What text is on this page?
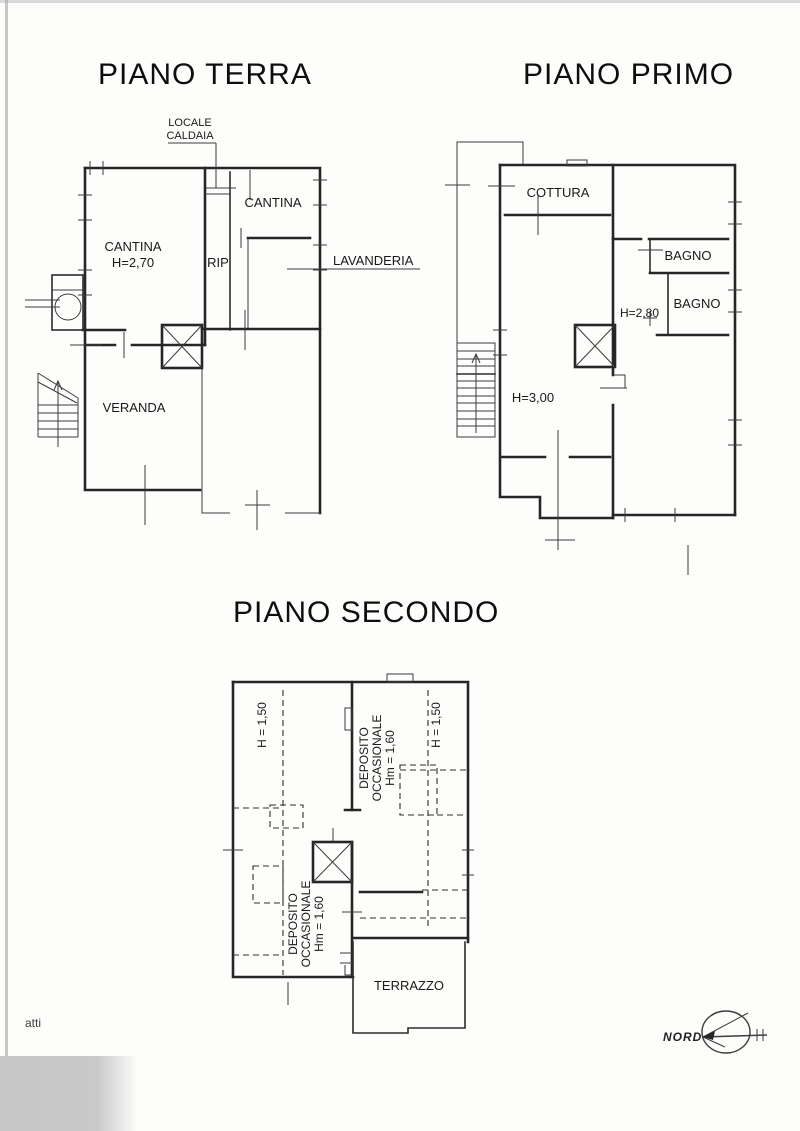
PIANO TERRA	PIANO PRIMO
PIANO SECONDO
LOCALE
CALDAIA
CANTINA
H=2,70
CANTINA
RIP
VERANDA
LAVANDERIA
COTTURA
BAGNO
BAGNO
H=2,80
H=3,00
TERRAZZO
H = 1,50	H = 1,50
DEPOSITO OCCASIONALE Hm = 1,60
DEPOSITO OCCASIONALE Hm = 1,60
NORD
atti
